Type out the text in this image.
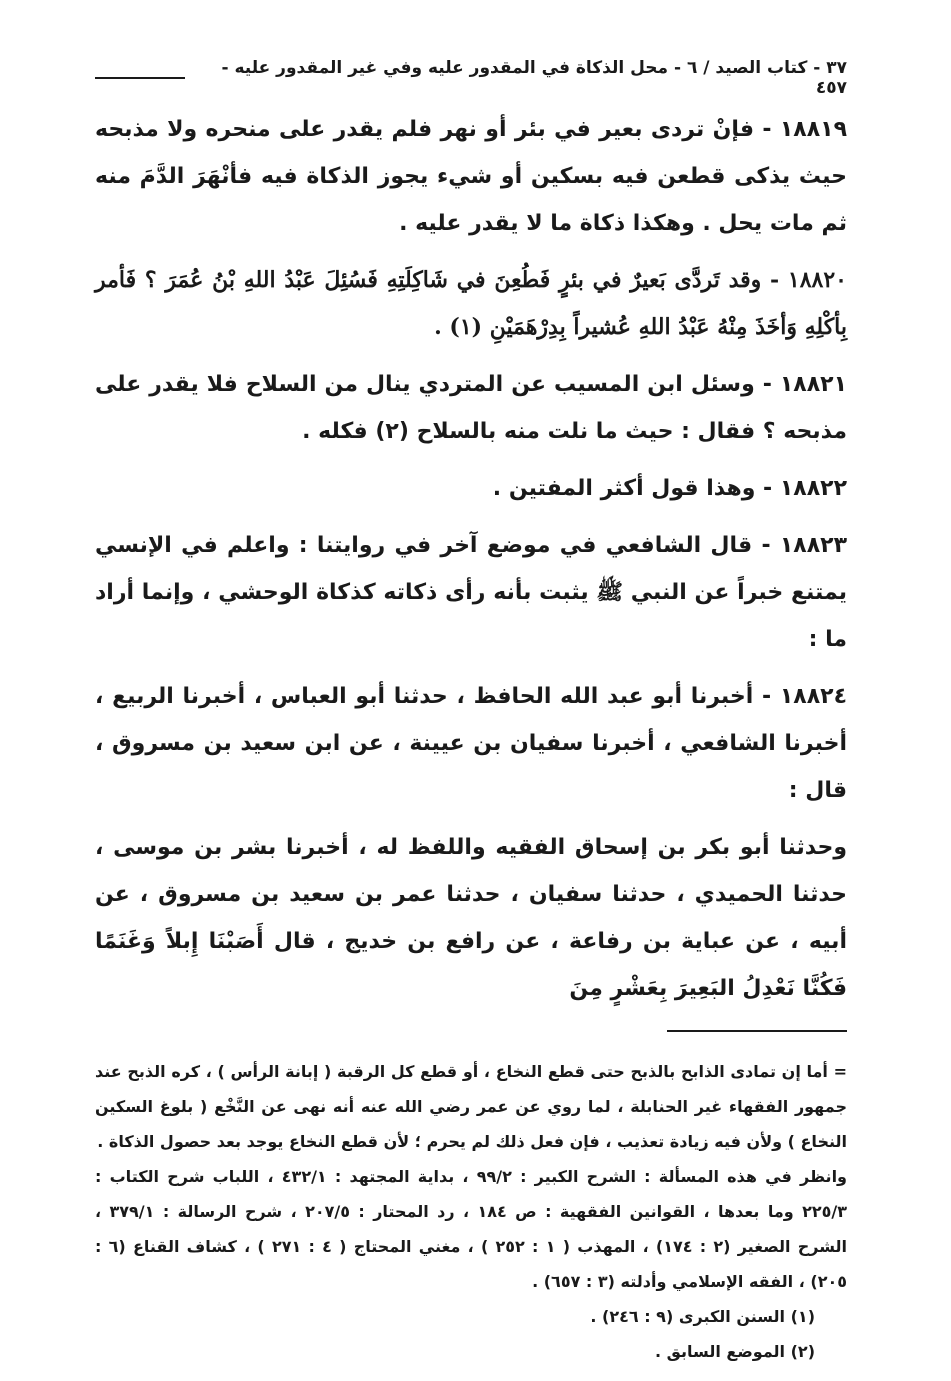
٣٧ - كتاب الصيد / ٦ - محل الذكاة في المقدور عليه وفي غير المقدور عليه - ٤٥٧

١٨٨١٩ - فإنْ تردى بعير في بئر أو نهر فلم يقدر على منحره ولا مذبحه حيث يذكى قطعن فيه بسكين أو شيء يجوز الذكاة فيه فأنْهَرَ الدَّمَ منه ثم مات يحل . وهكذا ذكاة ما لا يقدر عليه .

١٨٨٢٠ - وقد تَردَّى بَعيرٌ في بئرٍ فَطُعِنَ في شَاكِلَتِهِ فَسُئِلَ عَبْدُ اللهِ بْنُ عُمَرَ ؟ فَأمر بِأكْلِهِ وَأخَذَ مِنْهُ عَبْدُ اللهِ عُشيراً بِدِرْهَمَيْنِ (١) .

١٨٨٢١ - وسئل ابن المسيب عن المتردي ينال من السلاح فلا يقدر على مذبحه ؟ فقال : حيث ما نلت منه بالسلاح (٢) فكله .

١٨٨٢٢ - وهذا قول أكثر المفتين .

١٨٨٢٣ - قال الشافعي في موضع آخر في روايتنا : واعلم في الإنسي يمتنع خبراً عن النبي ﷺ يثبت بأنه رأى ذكاته كذكاة الوحشي ، وإنما أراد ما :

١٨٨٢٤ - أخبرنا أبو عبد الله الحافظ ، حدثنا أبو العباس ، أخبرنا الربيع ، أخبرنا الشافعي ، أخبرنا سفيان بن عيينة ، عن ابن سعيد بن مسروق ، قال :

وحدثنا أبو بكر بن إسحاق الفقيه واللفظ له ، أخبرنا بشر بن موسى ، حدثنا الحميدي ، حدثنا سفيان ، حدثنا عمر بن سعيد بن مسروق ، عن أبيه ، عن عباية بن رفاعة ، عن رافع بن خديج ، قال أَصَبْنَا إِبلاً وَغَنَمًا فَكُنَّا نَعْدِلُ البَعِيرَ بِعَشْرٍ مِنَ

= أما إن تمادى الذابح بالذبح حتى قطع النخاع ، أو قطع كل الرقبة ( إبانة الرأس ) ، كره الذبح عند جمهور الفقهاء غير الحنابلة ، لما روي عن عمر رضي الله عنه أنه نهى عن النَّخْع ( بلوغ السكين النخاع ) ولأن فيه زيادة تعذيب ، فإن فعل ذلك لم يحرم ؛ لأن قطع النخاع يوجد بعد حصول الذكاة .

وانظر في هذه المسألة : الشرح الكبير : ٩٩/٢ ، بداية المجتهد : ٤٣٢/١ ، اللباب شرح الكتاب : ٢٢٥/٣ وما بعدها ، القوانين الفقهية : ص ١٨٤ ، رد المحتار : ٢٠٧/٥ ، شرح الرسالة : ٣٧٩/١ ، الشرح الصغير (٢ : ١٧٤) ، المهذب ( ١ : ٢٥٢ ) ، مغني المحتاج ( ٤ : ٢٧١ ) ، كشاف القناع (٦ : ٢٠٥) ، الفقه الإسلامي وأدلته (٣ : ٦٥٧) .

(١) السنن الكبرى (٩ : ٢٤٦) .

(٢) الموضع السابق .
